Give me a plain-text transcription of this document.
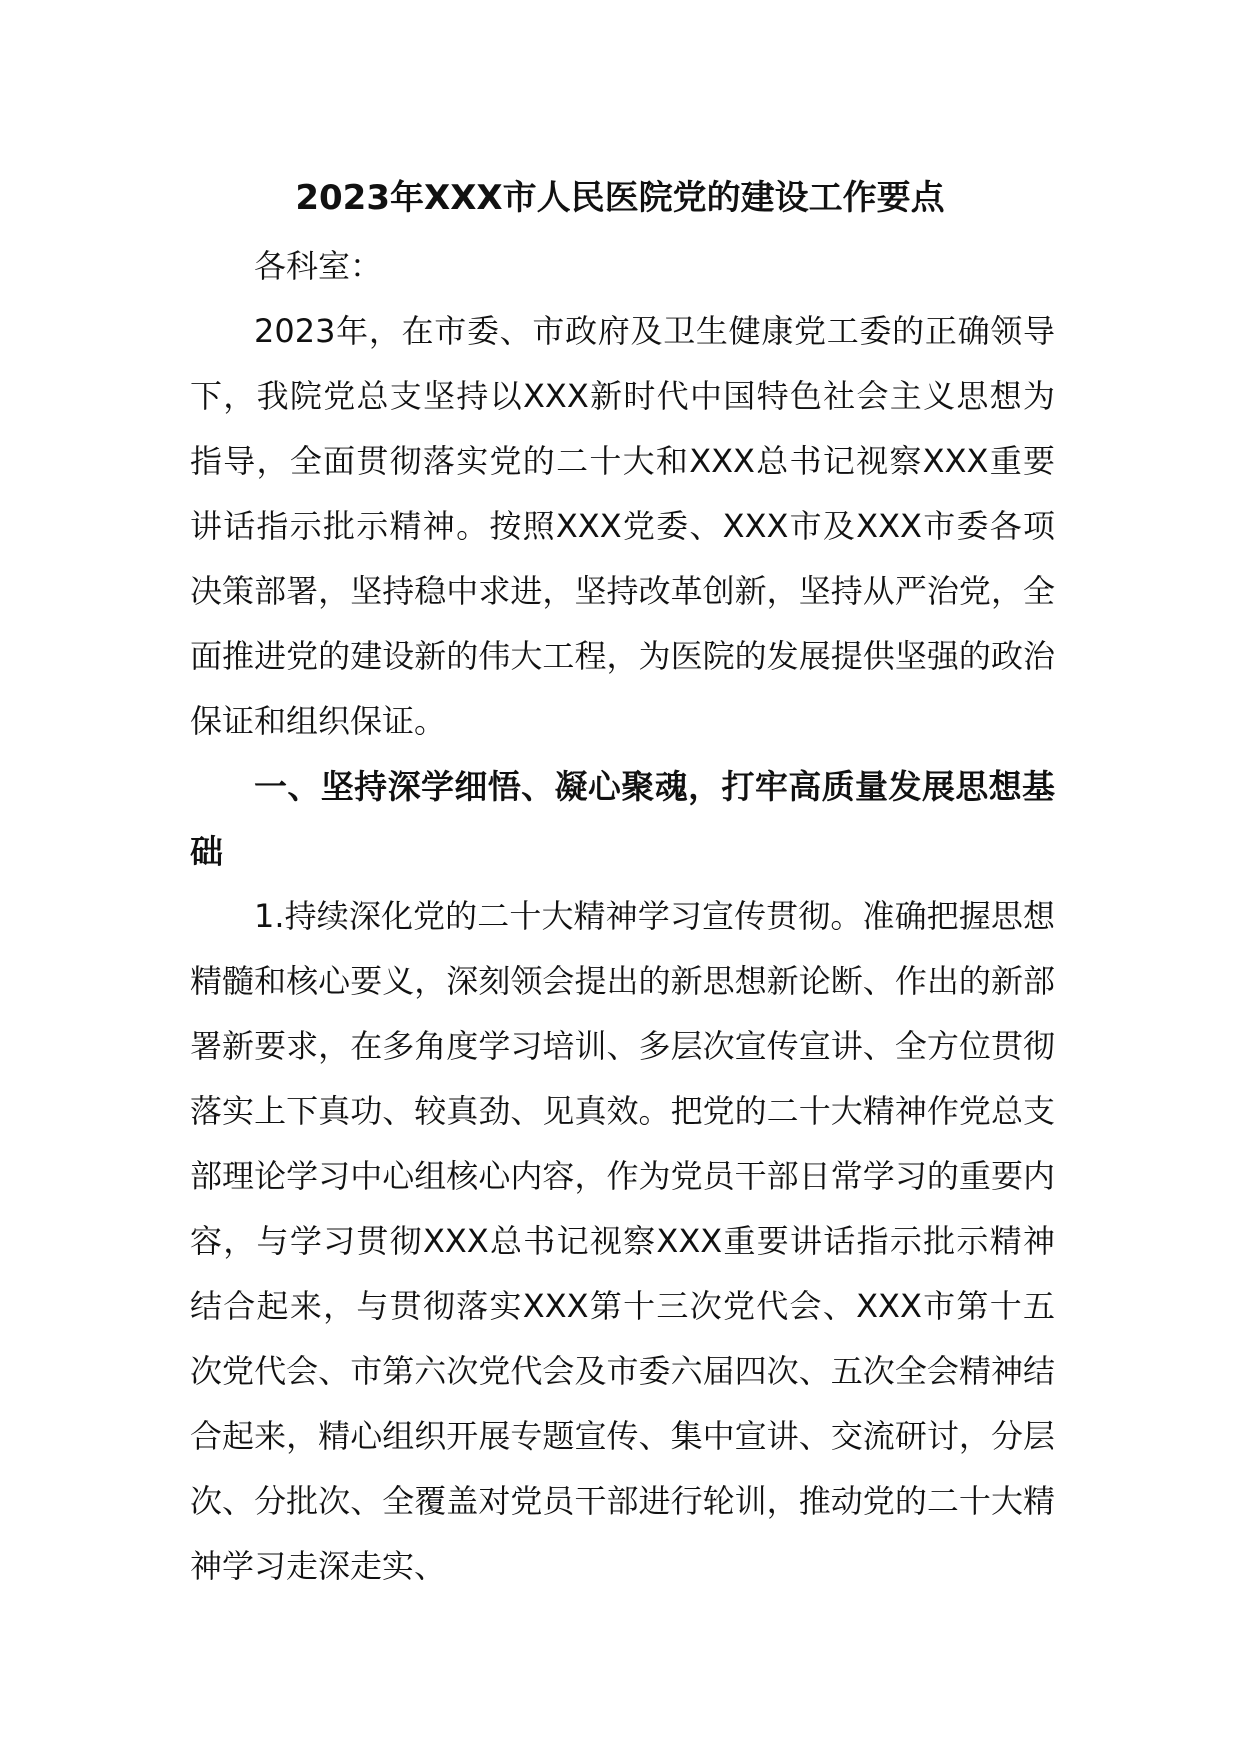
2023年XXX市人民医院党的建设工作要点
各科室：
2023年，在市委、市政府及卫生健康党工委的正确领导下，我院党总支坚持以XXX新时代中国特色社会主义思想为指导，全面贯彻落实党的二十大和XXX总书记视察XXX重要讲话指示批示精神。按照XXX党委、XXX市及XXX市委各项决策部署，坚持稳中求进，坚持改革创新，坚持从严治党，全面推进党的建设新的伟大工程，为医院的发展提供坚强的政治保证和组织保证。
一、坚持深学细悟、凝心聚魂，打牢高质量发展思想基础
1.持续深化党的二十大精神学习宣传贯彻。准确把握思想精髓和核心要义，深刻领会提出的新思想新论断、作出的新部署新要求，在多角度学习培训、多层次宣传宣讲、全方位贯彻落实上下真功、较真劲、见真效。把党的二十大精神作党总支部理论学习中心组核心内容，作为党员干部日常学习的重要内容，与学习贯彻XXX总书记视察XXX重要讲话指示批示精神结合起来，与贯彻落实XXX第十三次党代会、XXX市第十五次党代会、市第六次党代会及市委六届四次、五次全会精神结合起来，精心组织开展专题宣传、集中宣讲、交流研讨，分层次、分批次、全覆盖对党员干部进行轮训，推动党的二十大精神学习走深走实、
